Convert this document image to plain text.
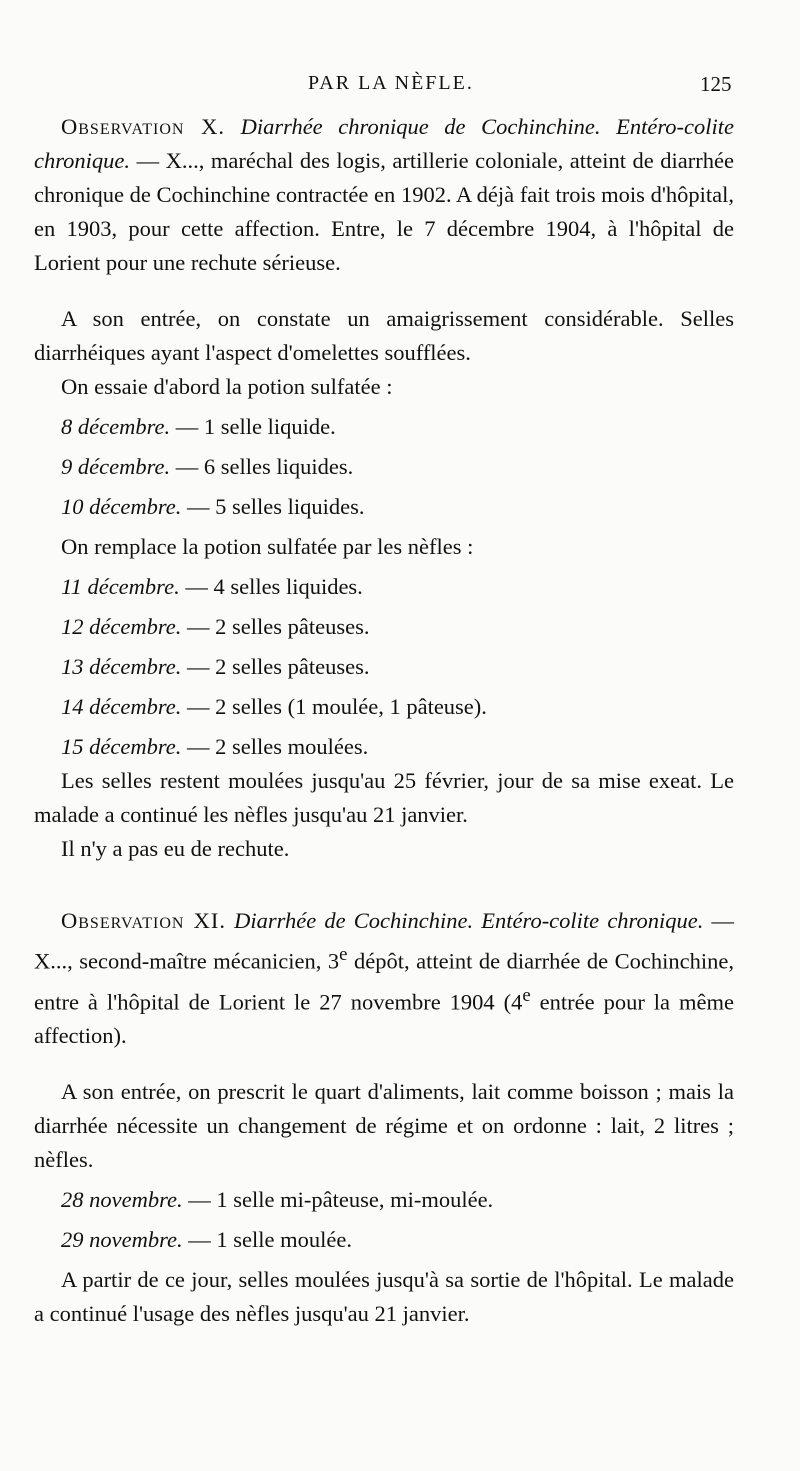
PAR LA NÈFLE.	125

Observation X. Diarrhée chronique de Cochinchine. Entéro-colite chronique. — X..., maréchal des logis, artillerie coloniale, atteint de diarrhée chronique de Cochinchine contractée en 1902. A déjà fait trois mois d'hôpital, en 1903, pour cette affection. Entre, le 7 décembre 1904, à l'hôpital de Lorient pour une rechute sérieuse.

A son entrée, on constate un amaigrissement considérable. Selles diarrhéiques ayant l'aspect d'omelettes soufflées.

On essaie d'abord la potion sulfatée :

8 décembre. — 1 selle liquide.

9 décembre. — 6 selles liquides.

10 décembre. — 5 selles liquides.

On remplace la potion sulfatée par les nèfles :

11 décembre. — 4 selles liquides.

12 décembre. — 2 selles pâteuses.

13 décembre. — 2 selles pâteuses.

14 décembre. — 2 selles (1 moulée, 1 pâteuse).

15 décembre. — 2 selles moulées.

Les selles restent moulées jusqu'au 25 février, jour de sa mise exeat. Le malade a continué les nèfles jusqu'au 21 janvier.

Il n'y a pas eu de rechute.

Observation XI. Diarrhée de Cochinchine. Entéro-colite chronique. — X..., second-maître mécanicien, 3e dépôt, atteint de diarrhée de Cochinchine, entre à l'hôpital de Lorient le 27 novembre 1904 (4e entrée pour la même affection).

A son entrée, on prescrit le quart d'aliments, lait comme boisson ; mais la diarrhée nécessite un changement de régime et on ordonne : lait, 2 litres ; nèfles.

28 novembre. — 1 selle mi-pâteuse, mi-moulée.

29 novembre. — 1 selle moulée.

A partir de ce jour, selles moulées jusqu'à sa sortie de l'hôpital. Le malade a continué l'usage des nèfles jusqu'au 21 janvier.
